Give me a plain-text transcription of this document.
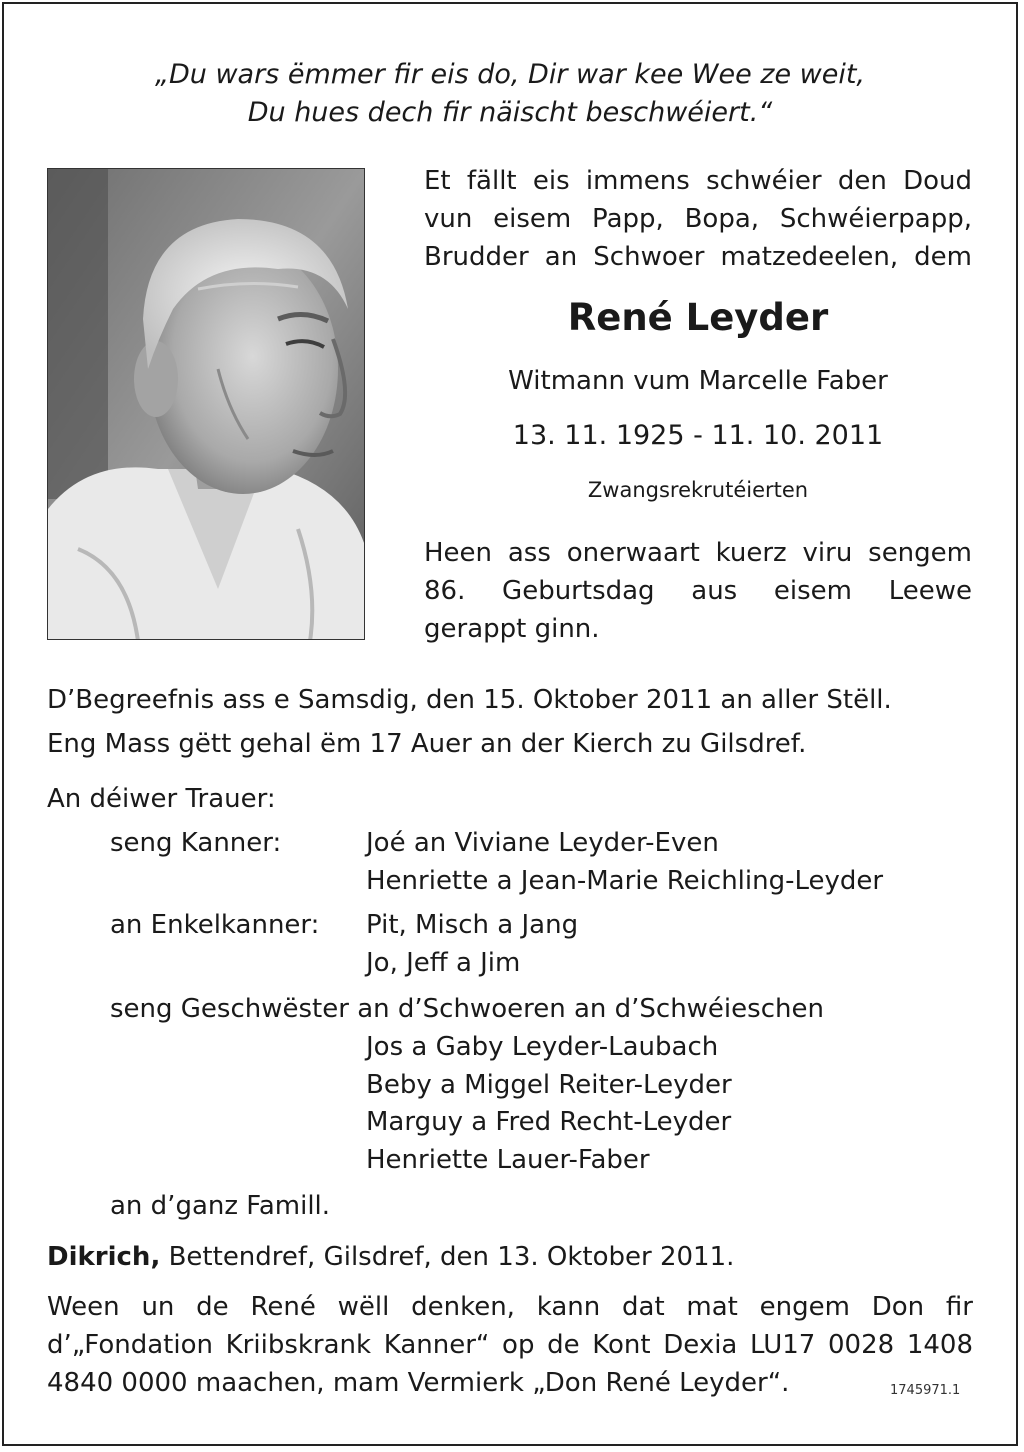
„Du wars ëmmer fir eis do, Dir war kee Wee ze weit,
Du hues dech fir näischt beschwéiert.“
Et fällt eis immens schwéier den Doud
vun eisem Papp, Bopa, Schwéierpapp,
Brudder an Schwoer matzedeelen, dem
René Leyder
Witmann vum Marcelle Faber
13. 11. 1925 - 11. 10. 2011
Zwangsrekrutéierten
Heen ass onerwaart kuerz viru sengem
86. Geburtsdag aus eisem Leewe
gerappt ginn.
D’Begreefnis ass e Samsdig, den 15. Oktober 2011 an aller Stëll.
Eng Mass gëtt gehal ëm 17 Auer an der Kierch zu Gilsdref.
An déiwer Trauer:
seng Kanner:	Joé an Viviane Leyder-Even
Henriette a Jean-Marie Reichling-Leyder
an Enkelkanner: Pit, Misch a Jang
Jo, Jeff a Jim
seng Geschwëster an d’Schwoeren an d’Schwéieschen
Jos a Gaby Leyder-Laubach
Beby a Miggel Reiter-Leyder
Marguy a Fred Recht-Leyder
Henriette Lauer-Faber
an d’ganz Famill.
Dikrich, Bettendref, Gilsdref, den 13. Oktober 2011.
Ween un de René wëll denken, kann dat mat engem Don fir
d’„Fondation Kriibskrank Kanner“ op de Kont Dexia LU17 0028 1408
4840 0000 maachen, mam Vermierk „Don René Leyder“.	1745971.1
